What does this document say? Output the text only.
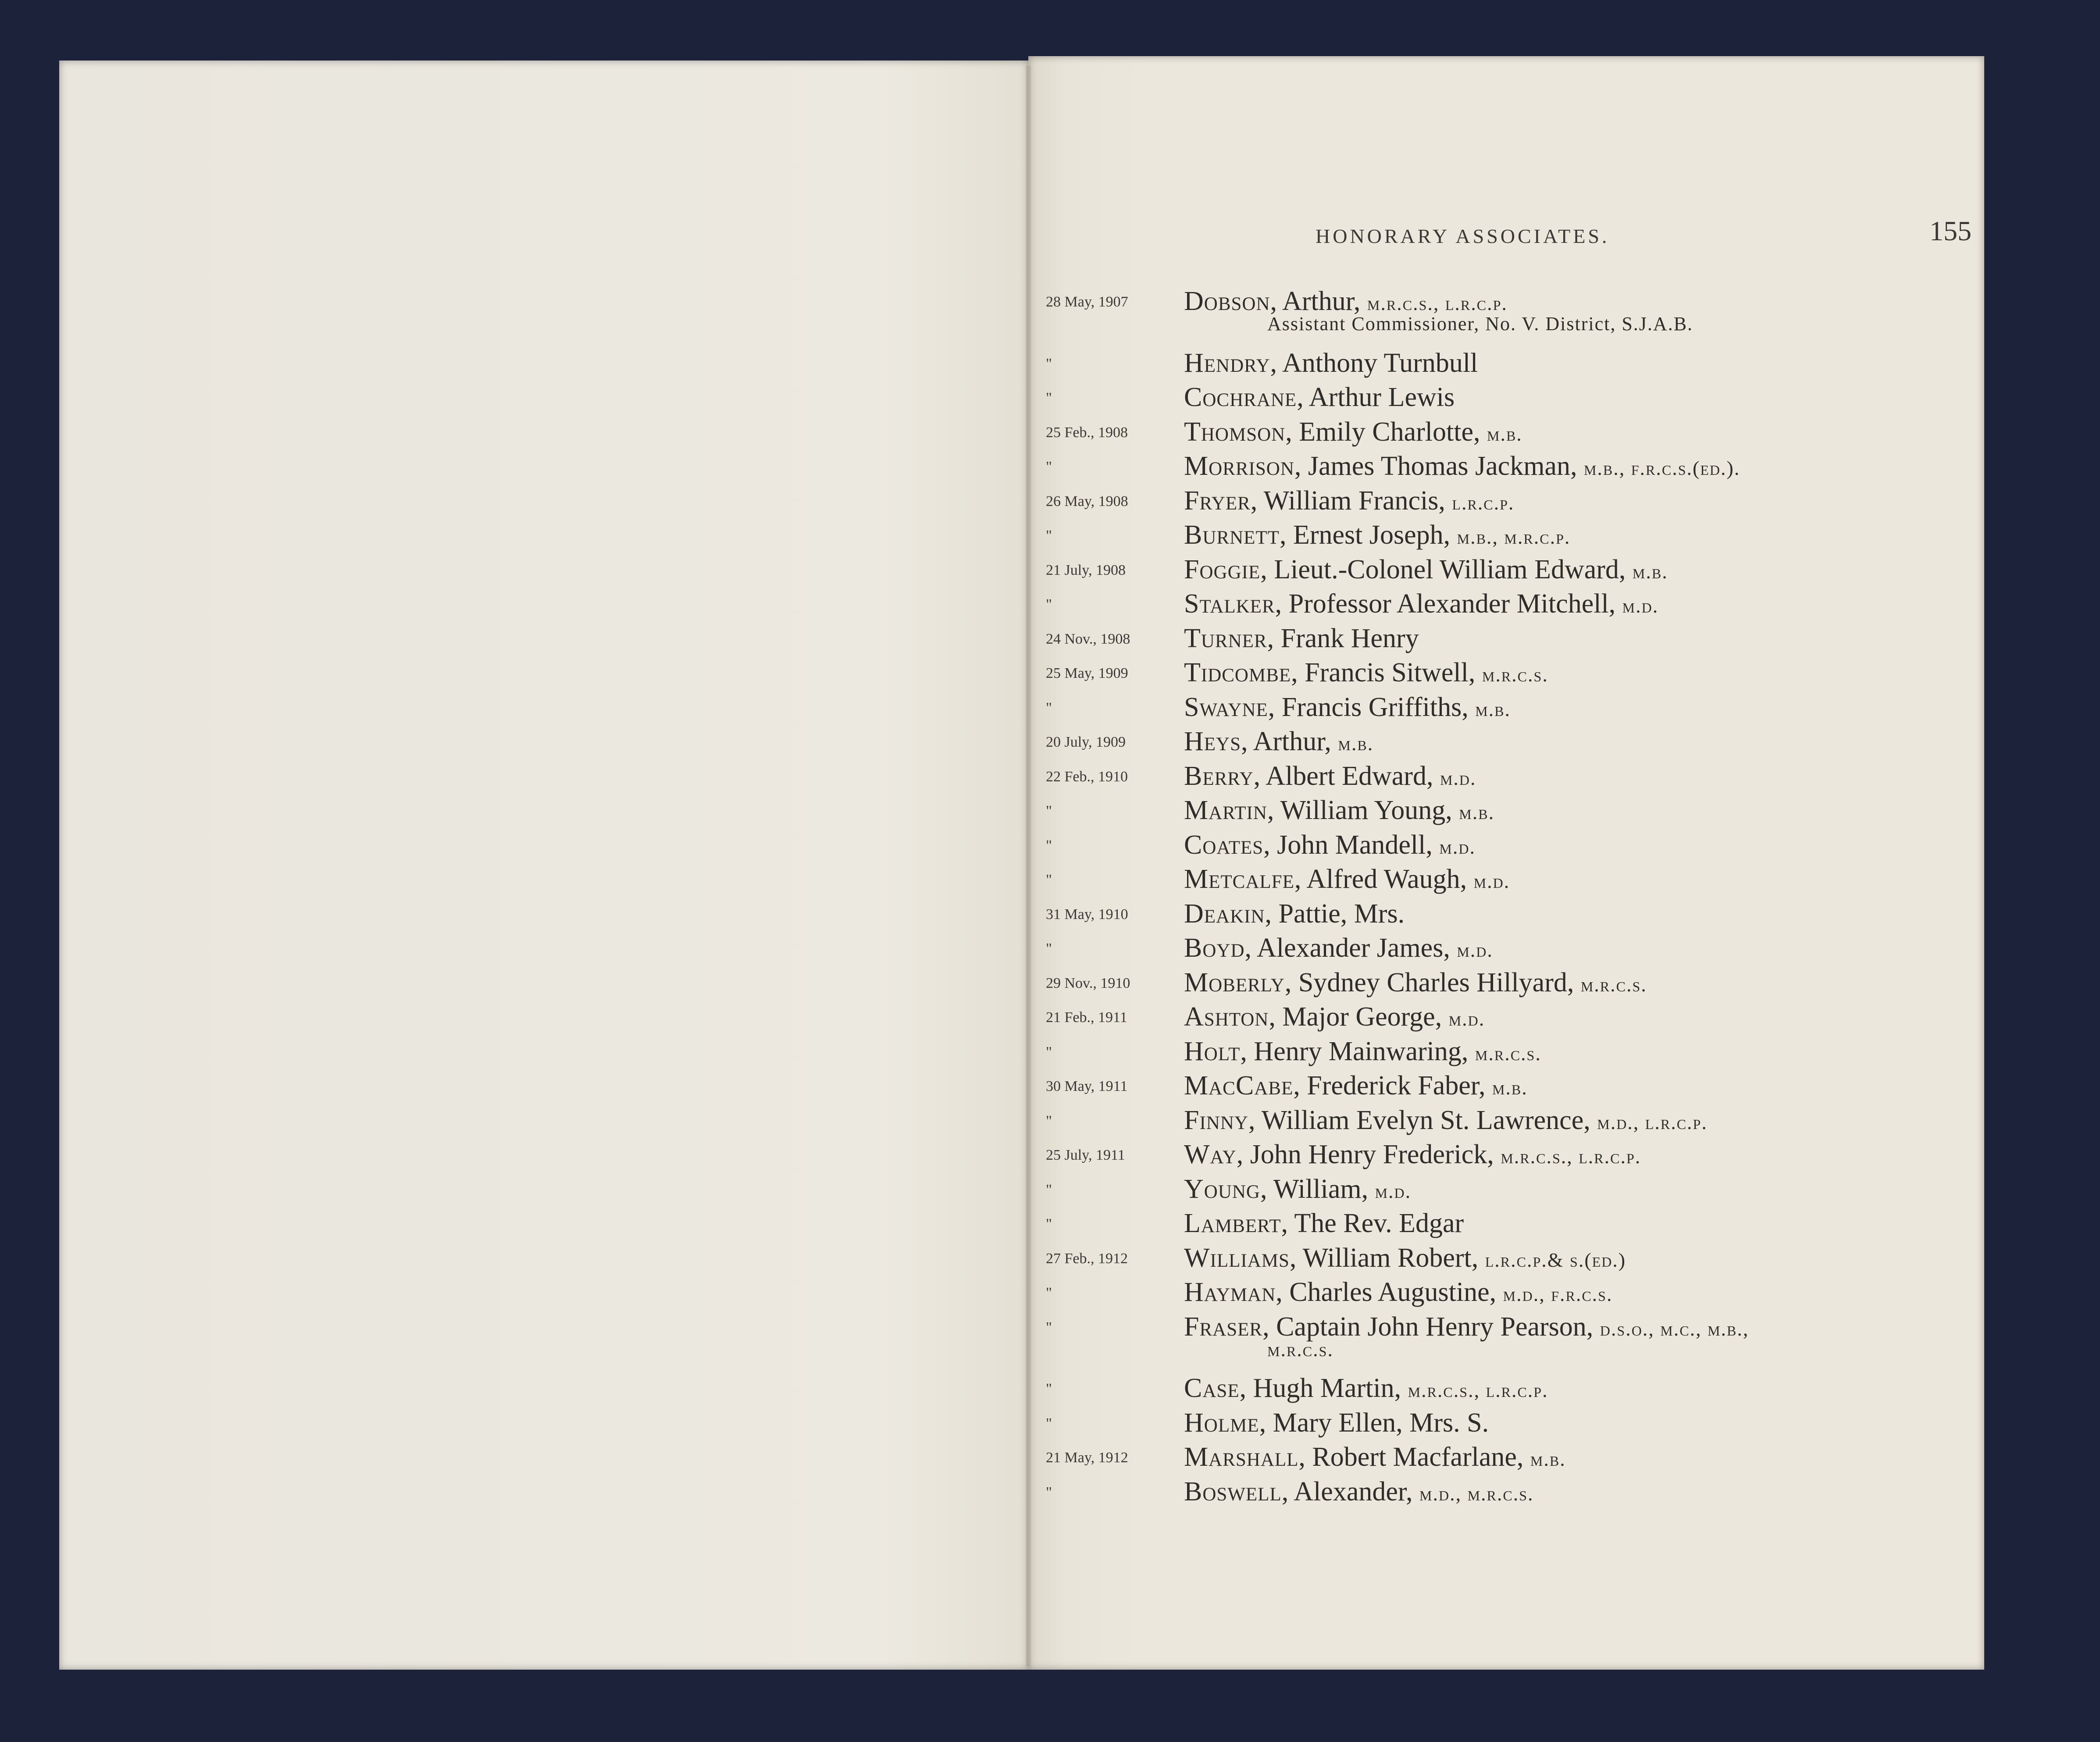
HONORARY ASSOCIATES.	155
28 May, 1907	Dobson, Arthur, m.r.c.s., l.r.c.p.
Assistant Commissioner, No. V. District, S.J.A.B.
"	Hendry, Anthony Turnbull
"	Cochrane, Arthur Lewis
25 Feb., 1908	Thomson, Emily Charlotte, m.b.
"	Morrison, James Thomas Jackman, m.b., f.r.c.s.(ed.).
26 May, 1908	Fryer, William Francis, l.r.c.p.
"	Burnett, Ernest Joseph, m.b., m.r.c.p.
21 July, 1908	Foggie, Lieut.-Colonel William Edward, m.b.
"	Stalker, Professor Alexander Mitchell, m.d.
24 Nov., 1908	Turner, Frank Henry
25 May, 1909	Tidcombe, Francis Sitwell, m.r.c.s.
"	Swayne, Francis Griffiths, m.b.
20 July, 1909	Heys, Arthur, m.b.
22 Feb., 1910	Berry, Albert Edward, m.d.
"	Martin, William Young, m.b.
"	Coates, John Mandell, m.d.
"	Metcalfe, Alfred Waugh, m.d.
31 May, 1910	Deakin, Pattie, Mrs.
"	Boyd, Alexander James, m.d.
29 Nov., 1910	Moberly, Sydney Charles Hillyard, m.r.c.s.
21 Feb., 1911	Ashton, Major George, m.d.
"	Holt, Henry Mainwaring, m.r.c.s.
30 May, 1911	MacCabe, Frederick Faber, m.b.
"	Finny, William Evelyn St. Lawrence, m.d., l.r.c.p.
25 July, 1911	Way, John Henry Frederick, m.r.c.s., l.r.c.p.
"	Young, William, m.d.
"	Lambert, The Rev. Edgar
27 Feb., 1912	Williams, William Robert, l.r.c.p.& s.(ed.)
"	Hayman, Charles Augustine, m.d., f.r.c.s.
"	Fraser, Captain John Henry Pearson, d.s.o., m.c., m.b.,
m.r.c.s.
"	Case, Hugh Martin, m.r.c.s., l.r.c.p.
"	Holme, Mary Ellen, Mrs. S.
21 May, 1912	Marshall, Robert Macfarlane, m.b.
"	Boswell, Alexander, m.d., m.r.c.s.
